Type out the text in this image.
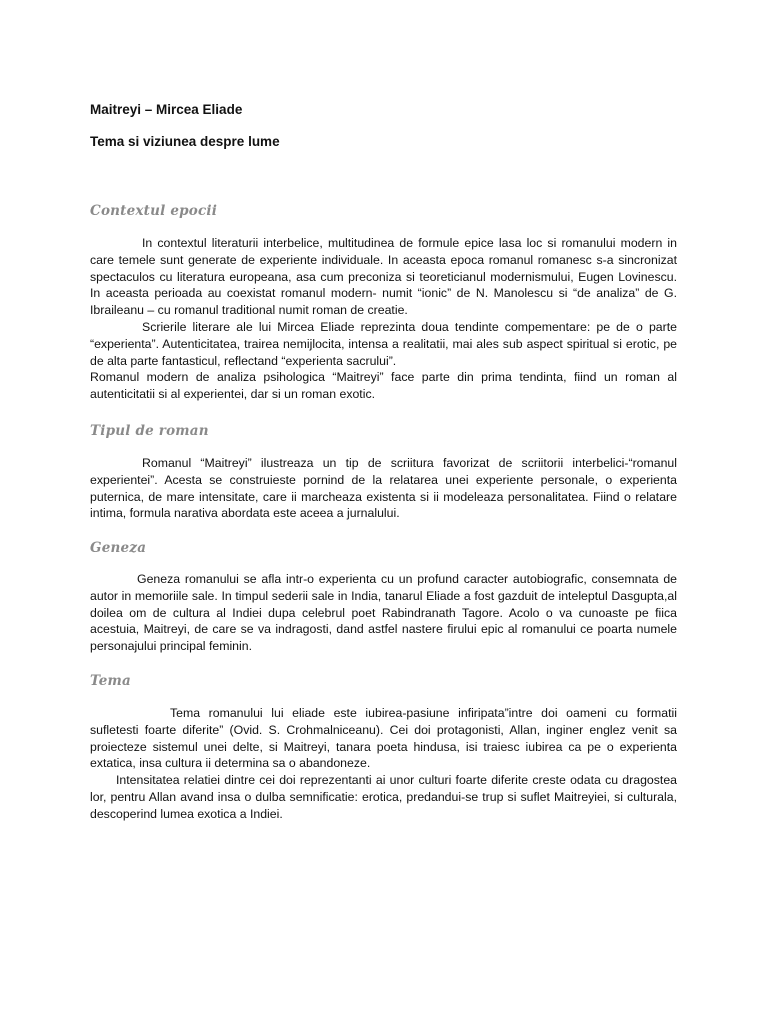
Maitreyi – Mircea Eliade
Tema si viziunea despre lume
Contextul epocii

In contextul literaturii interbelice, multitudinea de formule epice lasa loc si romanului modern in care temele sunt generate de experiente individuale. In aceasta epoca romanul romanesc s-a sincronizat spectaculos cu literatura europeana, asa cum preconiza si teoreticianul modernismului, Eugen Lovinescu. In aceasta perioada au coexistat romanul modern- numit “ionic” de N. Manolescu si “de analiza” de G. Ibraileanu – cu romanul traditional numit roman de creatie.

Scrierile literare ale lui Mircea Eliade reprezinta doua tendinte compementare: pe de o parte “experienta”. Autenticitatea, trairea nemijlocita, intensa a realitatii, mai ales sub aspect spiritual si erotic, pe de alta parte fantasticul, reflectand “experienta sacrului”.

Romanul modern de analiza psihologica “Maitreyi” face parte din prima tendinta, fiind un roman al autenticitatii si al experientei, dar si un roman exotic.

Tipul de roman

Romanul “Maitreyi” ilustreaza un tip de scriitura favorizat de scriitorii interbelici-“romanul experientei”. Acesta se construieste pornind de la relatarea unei experiente personale, o experienta puternica, de mare intensitate, care ii marcheaza existenta si ii modeleaza personalitatea. Fiind o relatare intima, formula narativa abordata este aceea a jurnalului.

Geneza

Geneza romanului se afla intr-o experienta cu un profund caracter autobiografic, consemnata de autor in memoriile sale. In timpul sederii sale in India, tanarul Eliade a fost gazduit de inteleptul Dasgupta,al doilea om de cultura al Indiei dupa celebrul poet Rabindranath Tagore. Acolo o va cunoaste pe fiica acestuia, Maitreyi, de care se va indragosti, dand astfel nastere firului epic al romanului ce poarta numele personajului principal feminin.

Tema

Tema romanului lui eliade este iubirea-pasiune infiripata”intre doi oameni cu formatii sufletesti foarte diferite” (Ovid. S. Crohmalniceanu). Cei doi protagonisti, Allan, inginer englez venit sa proiecteze sistemul unei delte, si Maitreyi, tanara poeta hindusa, isi traiesc iubirea ca pe o experienta extatica, insa cultura ii determina sa o abandoneze.

Intensitatea relatiei dintre cei doi reprezentanti ai unor culturi foarte diferite creste odata cu dragostea lor, pentru Allan avand insa o dulba semnificatie: erotica, predandui-se trup si suflet Maitreyiei, si culturala, descoperind lumea exotica a Indiei.
